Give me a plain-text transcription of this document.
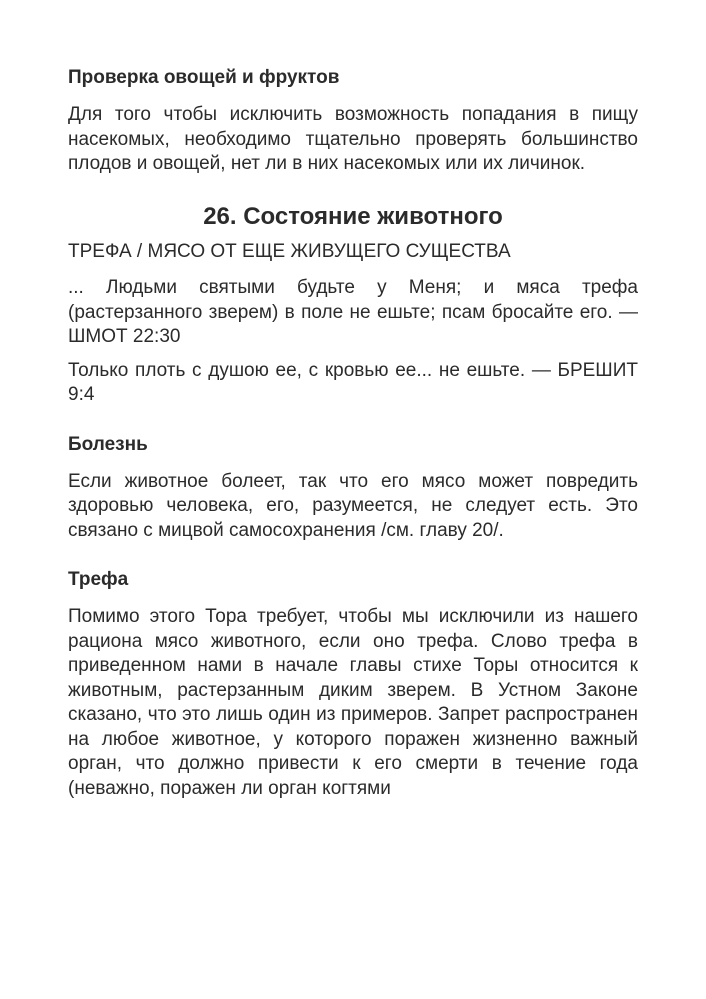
Проверка овощей и фруктов

Для того чтобы исключить возможность попадания в пищу насекомых, необходимо тщательно проверять большинство плодов и овощей, нет ли в них насекомых или их личинок.

26. Состояние животного

ТРЕФА / МЯСО ОТ ЕЩЕ ЖИВУЩЕГО СУЩЕСТВА

... Людьми святыми будьте у Меня; и мяса трефа (растерзанного зверем) в поле не ешьте; псам бросайте его. — ШМОТ 22:30

Только плоть с душою ее, с кровью ее... не ешьте. — БРЕШИТ 9:4

Болезнь

Если животное болеет, так что его мясо может повредить здоровью человека, его, разумеется, не следует есть. Это связано с мицвой самосохранения /см. главу 20/.

Трефа

Помимо этого Тора требует, чтобы мы исключили из нашего рациона мясо животного, если оно трефа. Слово трефа в приведенном нами в начале главы стихе Торы относится к животным, растерзанным диким зверем. В Устном Законе сказано, что это лишь один из примеров. Запрет распространен на любое животное, у которого поражен жизненно важный орган, что должно привести к его смерти в течение года (неважно, поражен ли орган когтями
